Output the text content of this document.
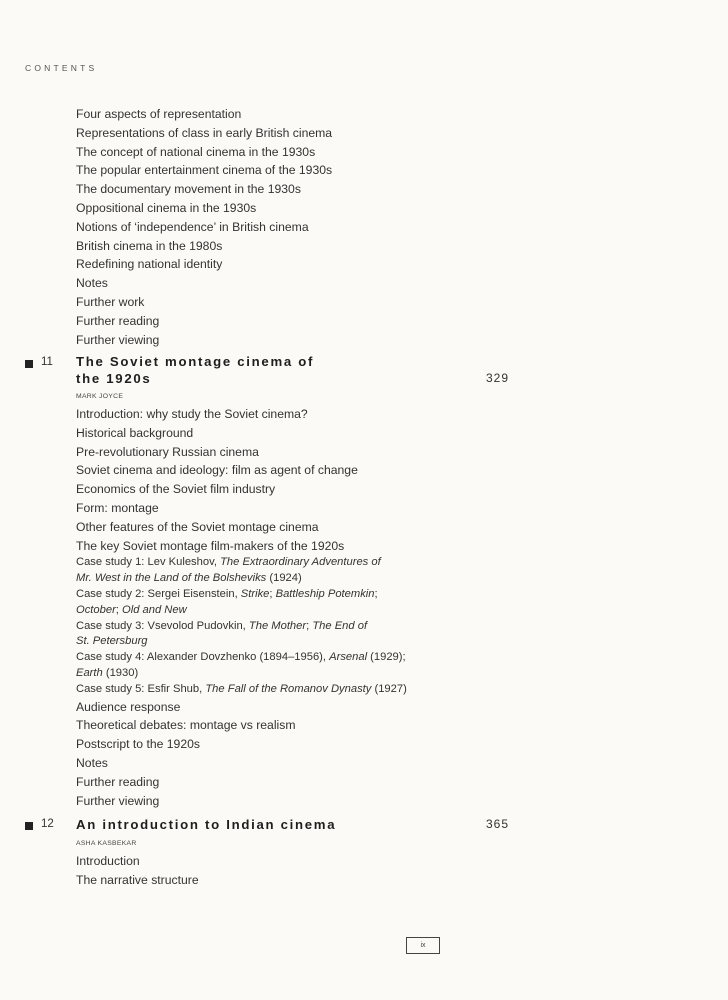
CONTENTS
Four aspects of representation
Representations of class in early British cinema
The concept of national cinema in the 1930s
The popular entertainment cinema of the 1930s
The documentary movement in the 1930s
Oppositional cinema in the 1930s
Notions of ‘independence’ in British cinema
British cinema in the 1980s
Redefining national identity
Notes
Further work
Further reading
Further viewing
11 The Soviet montage cinema of
the 1920s	329
MARK JOYCE
Introduction: why study the Soviet cinema?
Historical background
Pre-revolutionary Russian cinema
Soviet cinema and ideology: film as agent of change
Economics of the Soviet film industry
Form: montage
Other features of the Soviet montage cinema
The key Soviet montage film-makers of the 1920s
Case study 1: Lev Kuleshov, The Extraordinary Adventures of
Mr. West in the Land of the Bolsheviks (1924)
Case study 2: Sergei Eisenstein, Strike; Battleship Potemkin;
October; Old and New
Case study 3: Vsevolod Pudovkin, The Mother; The End of
St. Petersburg
Case study 4: Alexander Dovzhenko (1894–1956), Arsenal (1929);
Earth (1930)
Case study 5: Esfir Shub, The Fall of the Romanov Dynasty (1927)
Audience response
Theoretical debates: montage vs realism
Postscript to the 1920s
Notes
Further reading
Further viewing
12 An introduction to Indian cinema	365
ASHA KASBEKAR
Introduction
The narrative structure
ix
